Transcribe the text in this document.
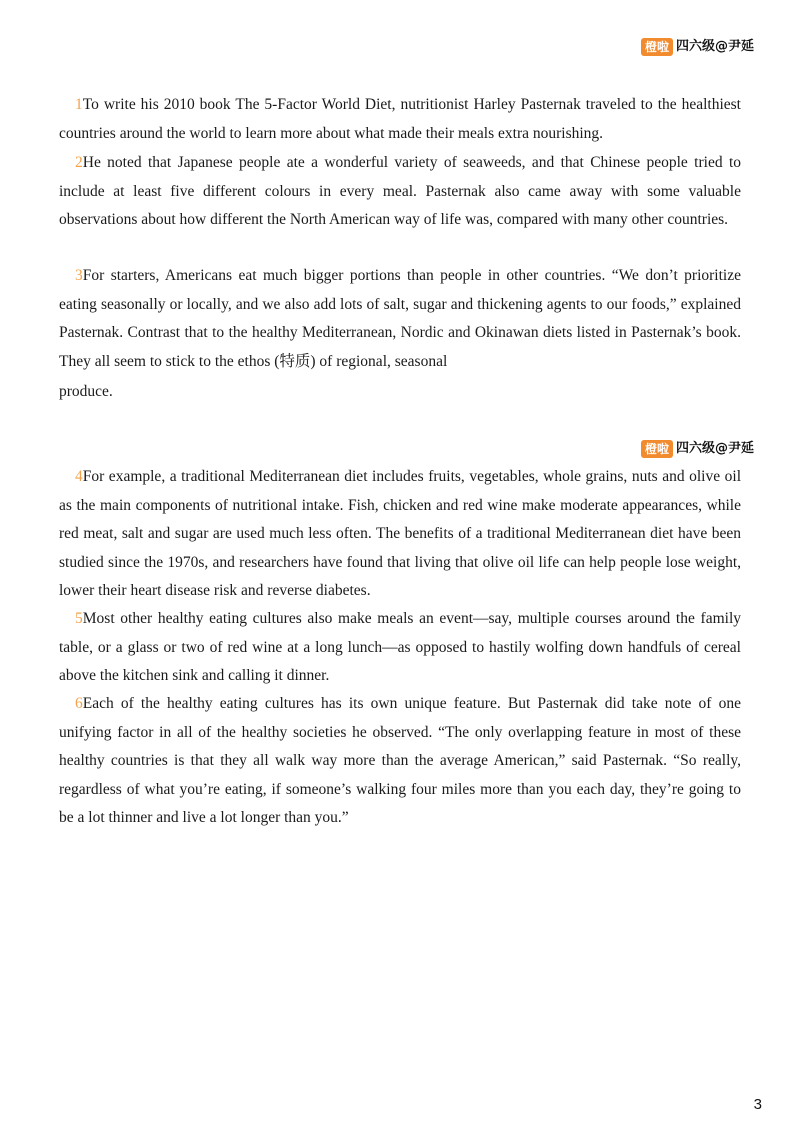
橙啦 四六级@尹延

1To write his 2010 book The 5-Factor World Diet, nutritionist Harley Pasternak traveled to the healthiest countries around the world to learn more about what made their meals extra nourishing.

2He noted that Japanese people ate a wonderful variety of seaweeds, and that Chinese people tried to include at least five different colours in every meal. Pasternak also came away with some valuable observations about how different the North American way of life was, compared with many other countries.

3For starters, Americans eat much bigger portions than people in other countries. “We don’t prioritize eating seasonally or locally, and we also add lots of salt, sugar and thickening agents to our foods,” explained Pasternak. Contrast that to the healthy Mediterranean, Nordic and Okinawan diets listed in Pasternak’s book. They all seem to stick to the ethos (特质) of regional, seasonal
produce.

橙啦 四六级@尹延

4For example, a traditional Mediterranean diet includes fruits, vegetables, whole grains, nuts and olive oil as the main components of nutritional intake. Fish, chicken and red wine make moderate appearances, while red meat, salt and sugar are used much less often. The benefits of a traditional Mediterranean diet have been studied since the 1970s, and researchers have found that living that olive oil life can help people lose weight, lower their heart disease risk and reverse diabetes.

5Most other healthy eating cultures also make meals an event—say, multiple courses around the family table, or a glass or two of red wine at a long lunch—as opposed to hastily wolfing down handfuls of cereal above the kitchen sink and calling it dinner.

6Each of the healthy eating cultures has its own unique feature. But Pasternak did take note of one unifying factor in all of the healthy societies he observed. “The only overlapping feature in most of these healthy countries is that they all walk way more than the average American,” said Pasternak. “So really, regardless of what you’re eating, if someone’s walking four miles more than you each day, they’re going to be a lot thinner and live a lot longer than you.”

3
